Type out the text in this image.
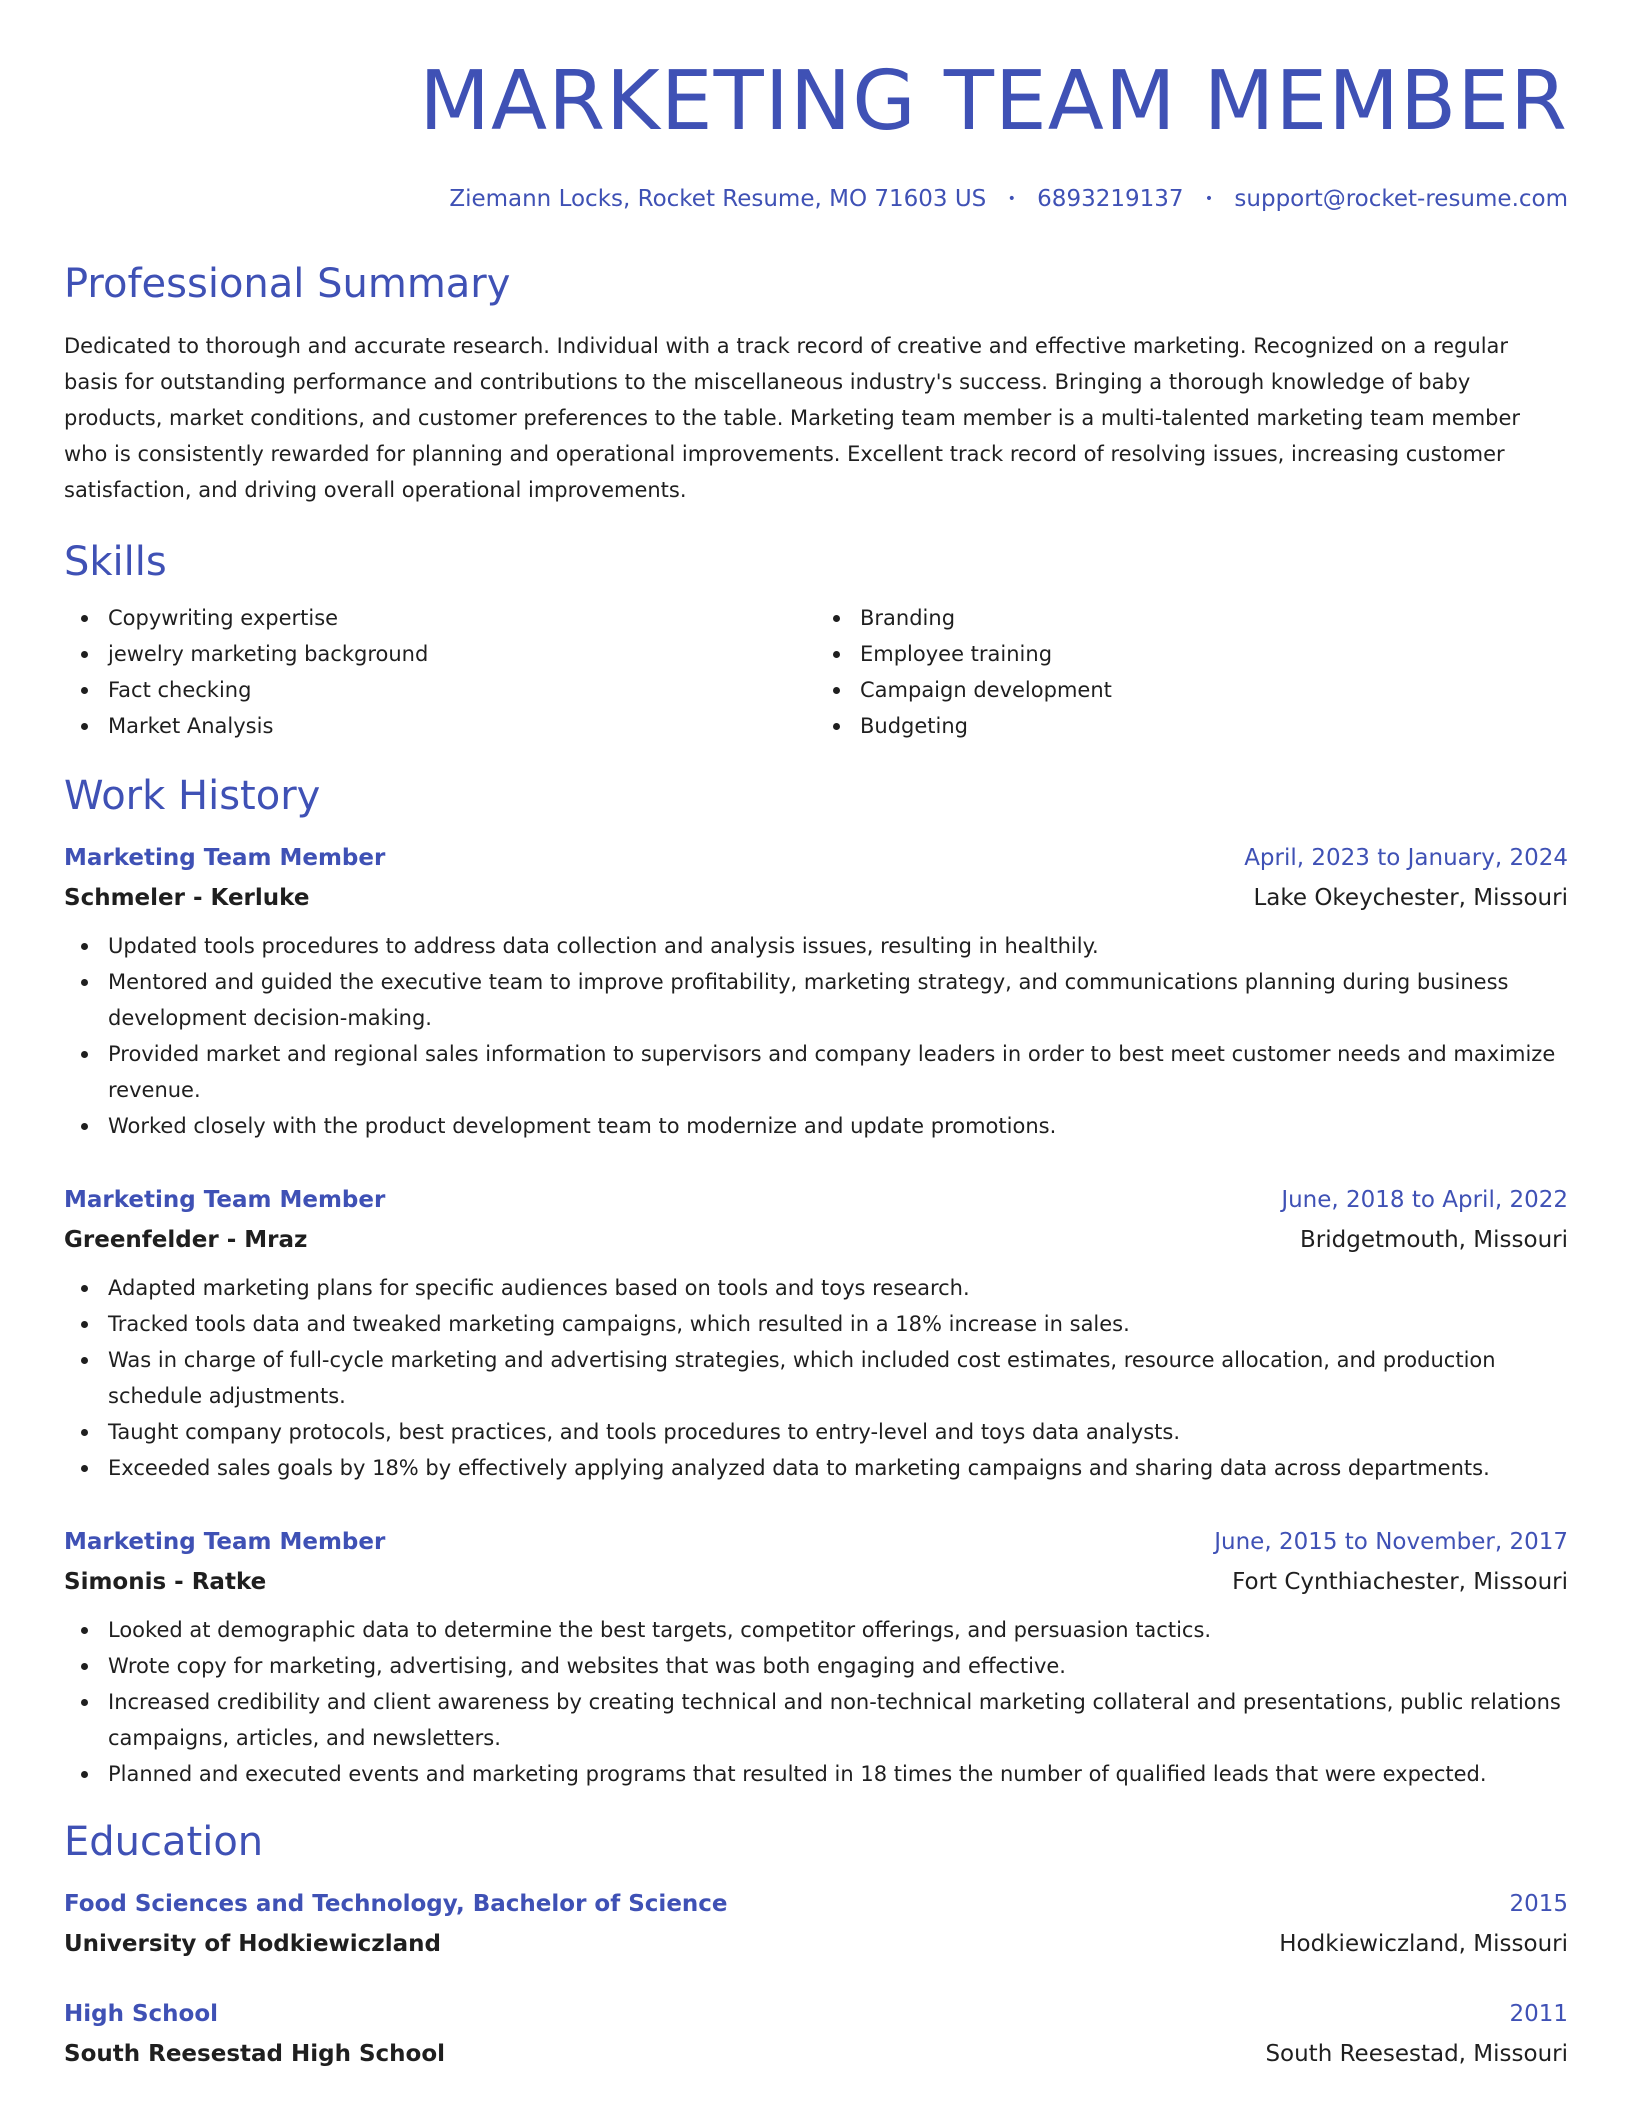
MARKETING TEAM MEMBER
Ziemann Locks, Rocket Resume, MO 71603 US • 6893219137 • support@rocket-resume.com
Professional Summary

Dedicated to thorough and accurate research. Individual with a track record of creative and effective marketing. Recognized on a regular basis for outstanding performance and contributions to the miscellaneous industry's success. Bringing a thorough knowledge of baby products, market conditions, and customer preferences to the table. Marketing team member is a multi-talented marketing team member who is consistently rewarded for planning and operational improvements. Excellent track record of resolving issues, increasing customer satisfaction, and driving overall operational improvements.

Skills
Copywriting expertise
jewelry marketing background
Fact checking
Market Analysis
Branding
Employee training
Campaign development
Budgeting
Work History
Marketing Team Member	April, 2023 to January, 2024
Schmeler - Kerluke	Lake Okeychester, Missouri
Updated tools procedures to address data collection and analysis issues, resulting in healthily.
Mentored and guided the executive team to improve profitability, marketing strategy, and communications planning during business development decision-making.
Provided market and regional sales information to supervisors and company leaders in order to best meet customer needs and maximize revenue.
Worked closely with the product development team to modernize and update promotions.
Marketing Team Member	June, 2018 to April, 2022
Greenfelder - Mraz	Bridgetmouth, Missouri
Adapted marketing plans for specific audiences based on tools and toys research.
Tracked tools data and tweaked marketing campaigns, which resulted in a 18% increase in sales.
Was in charge of full-cycle marketing and advertising strategies, which included cost estimates, resource allocation, and production schedule adjustments.
Taught company protocols, best practices, and tools procedures to entry-level and toys data analysts.
Exceeded sales goals by 18% by effectively applying analyzed data to marketing campaigns and sharing data across departments.
Marketing Team Member	June, 2015 to November, 2017
Simonis - Ratke	Fort Cynthiachester, Missouri
Looked at demographic data to determine the best targets, competitor offerings, and persuasion tactics.
Wrote copy for marketing, advertising, and websites that was both engaging and effective.
Increased credibility and client awareness by creating technical and non-technical marketing collateral and presentations, public relations campaigns, articles, and newsletters.
Planned and executed events and marketing programs that resulted in 18 times the number of qualified leads that were expected.
Education
Food Sciences and Technology, Bachelor of Science	2015
University of Hodkiewiczland	Hodkiewiczland, Missouri
High School	2011
South Reesestad High School	South Reesestad, Missouri
